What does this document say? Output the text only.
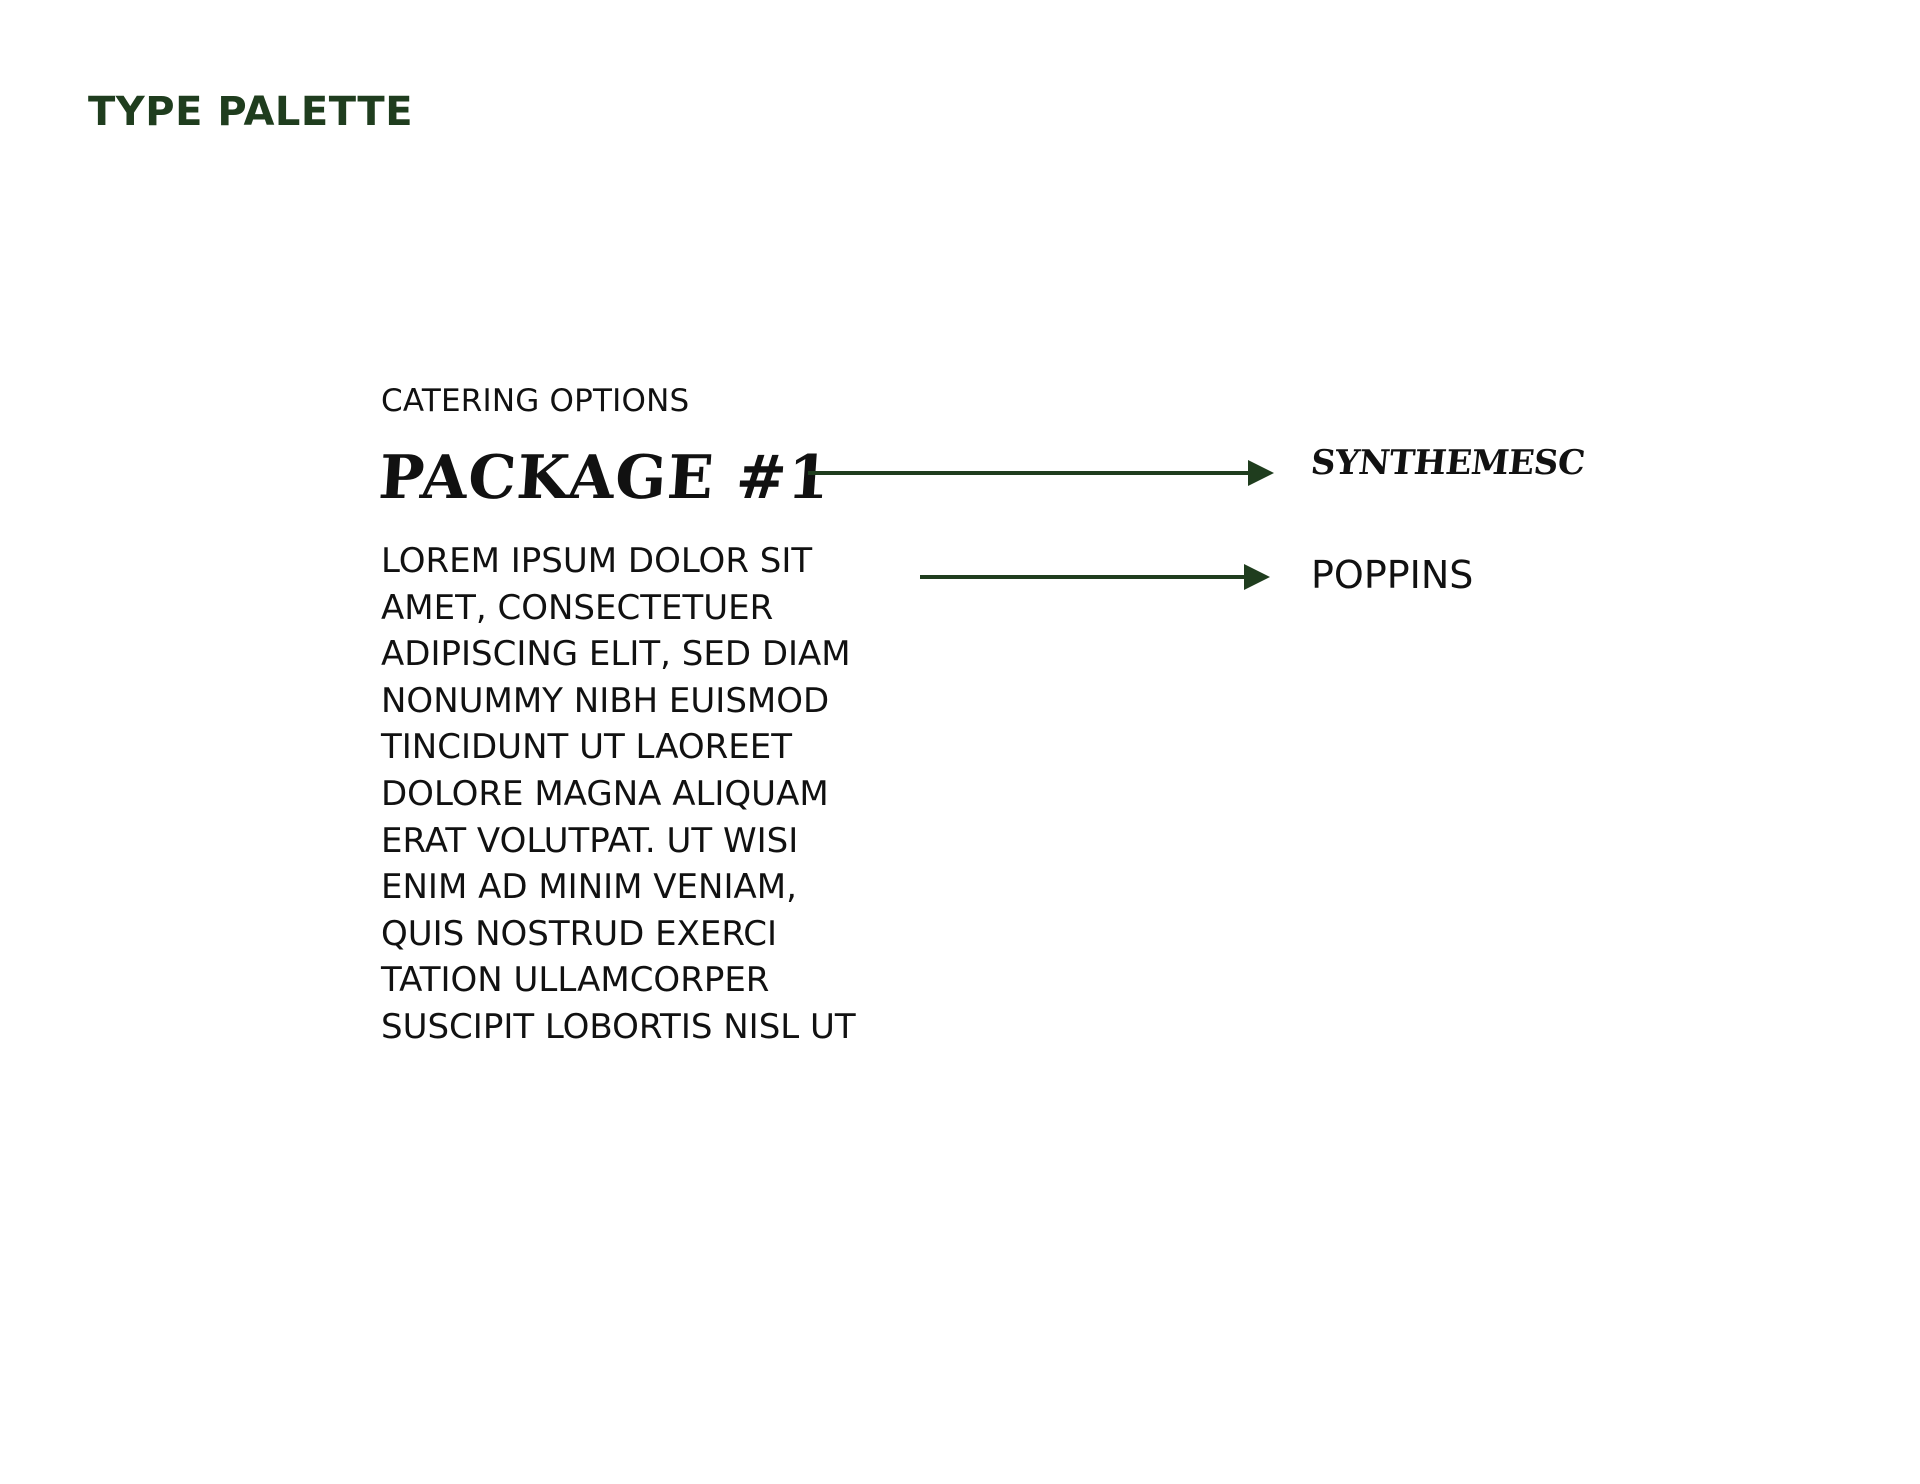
TYPE PALETTE
CATERING OPTIONS
PACKAGE #1
LOREM IPSUM DOLOR SIT
AMET, CONSECTETUER
ADIPISCING ELIT, SED DIAM
NONUMMY NIBH EUISMOD
TINCIDUNT UT LAOREET
DOLORE MAGNA ALIQUAM
ERAT VOLUTPAT. UT WISI
ENIM AD MINIM VENIAM,
QUIS NOSTRUD EXERCI
TATION ULLAMCORPER
SUSCIPIT LOBORTIS NISL UT
SYNTHEMESC
POPPINS
